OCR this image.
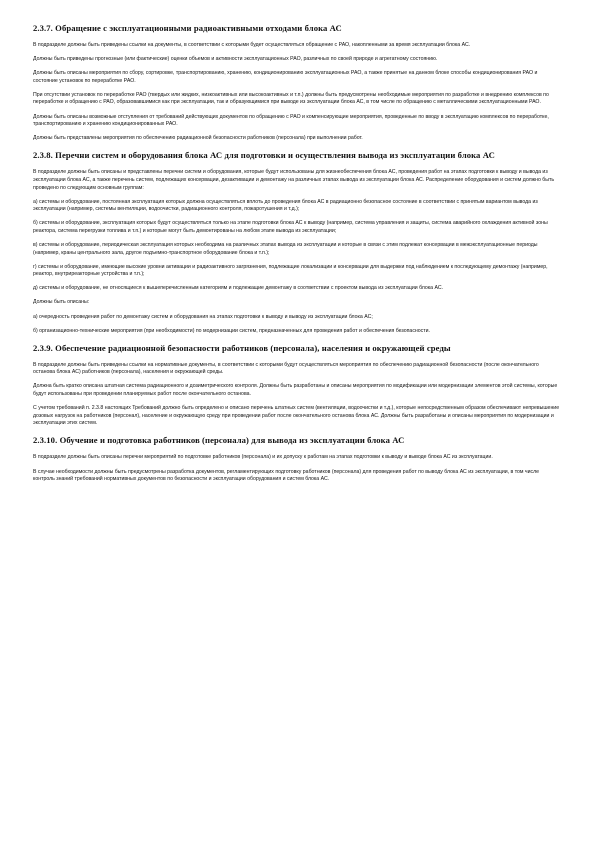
2.3.7. Обращение с эксплуатационными радиоактивными отходами блока АС

В подразделе должны быть приведены ссылки на документы, в соответствии с которыми будет осуществляться обращение с РАО, накопленными за время эксплуатации блока АС.

Должны быть приведены прогнозные (или фактические) оценки объемов и активности эксплуатационных РАО, различных по своей природе и агрегатному состоянию.

Должны быть описаны мероприятия по сбору, сортировке, транспортированию, хранению, кондиционированию эксплуатационных РАО, а также принятые на данном блоке способы кондиционирования РАО и состояние установок по переработке РАО.

При отсутствии установок по переработке РАО (твердых или жидких, низкоактивных или высокоактивных и т.п.) должны быть предусмотрены необходимые мероприятия по разработке и внедрению комплексов по переработке и обращению с РАО, образовавшимися как при эксплуатации, так и образующимися при выводе из эксплуатации блока АС, в том числе по обращению с металлическими эксплуатационными РАО.

Должны быть описаны возможные отступления от требований действующих документов по обращению с РАО и компенсирующие мероприятия, проведенные по вводу в эксплуатацию комплексов по переработке, транспортированию и хранению кондиционированных РАО.

Должны быть представлены мероприятия по обеспечению радиационной безопасности работников (персонала) при выполнении работ.

2.3.8. Перечни систем и оборудования блока АС для подготовки и осуществления вывода из эксплуатации блока АС

В подразделе должны быть описаны и представлены перечни систем и оборудования, которые будут использованы для жизнеобеспечения блока АС, проведения работ на этапах подготовки к выводу и вывода из эксплуатации блока АС, а также перечень систем, подлежащих консервации, дезактивации и демонтажу на различных этапах вывода из эксплуатации блока АС. Распределение оборудования и систем должно быть проведено по следующим основным группам:

а) системы и оборудование, постоянная эксплуатация которых должна осуществляться вплоть до проведения блока АС в радиационно безопасное состояние в соответствии с принятым вариантом вывода из эксплуатации (например, системы вентиляции, водоочистки, радиационного контроля, пожаротушения и т.д.);

б) системы и оборудование, эксплуатация которых будут осуществляться только на этапе подготовки блока АС к выводу (например, система управления и защиты, система аварийного охлаждения активной зоны реактора, система перегрузки топлива и т.п.) и которые могут быть демонтированы на любом этапе вывода из эксплуатации;

в) системы и оборудование, периодическая эксплуатация которых необходима на различных этапах вывода из эксплуатации и которые в связи с этим подлежат консервации в межэксплуатационные периоды (например, краны центрального зала, другое подъемно-транспортное оборудование блока и т.п.);

г) системы и оборудование, имеющие высокие уровни активации и радиоактивного загрязнения, подлежащие локализации и консервации для выдержки под наблюдением к последующему демонтажу (например, реактор, внутриреакторные устройства и т.п.);

д) системы и оборудование, не относящиеся к вышеперечисленным категориям и подлежащие демонтажу в соответствии с проектом вывода из эксплуатации блока АС.

Должны быть описаны:

а) очередность проведения работ по демонтажу систем и оборудования на этапах подготовки к выводу и выводу из эксплуатации блока АС;

б) организационно-технические мероприятия (при необходимости) по модернизации систем, предназначенных для проведения работ и обеспечения безопасности.

2.3.9. Обеспечение радиационной безопасности работников (персонала), населения и окружающей среды

В подразделе должны быть приведены ссылки на нормативные документы, в соответствии с которыми будут осуществляться мероприятия по обеспечению радиационной безопасности (после окончательного останова блока АС) работников (персонала), населения и окружающей среды.

Должна быть кратко описана штатная система радиационного и дозиметрического контроля. Должны быть разработаны и описаны мероприятия по модификации или модернизации элементов этой системы, которые будут использованы при проведении планируемых работ после окончательного останова.

С учетом требований п. 2.3.8 настоящих Требований должно быть определено и описано перечень штатных систем (вентиляции, водоочистки и т.д.), которые непосредственным образом обеспечивают непревышение дозовых нагрузок на работников (персонал), население и окружающую среду при проведении работ после окончательного останова блока АС. Должны быть разработаны и описаны мероприятия по модернизации и эксплуатации этих систем.

2.3.10. Обучение и подготовка работников (персонала) для вывода из эксплуатации блока АС

В подразделе должны быть описаны перечни мероприятий по подготовке работников (персонала) и их допуску к работам на этапах подготовки к выводу и выводе блока АС из эксплуатации.

В случае необходимости должны быть предусмотрены разработка документов, регламентирующих подготовку работников (персонала) для проведения работ по выводу блока АС из эксплуатации, в том числе контроль знаний требований нормативных документов по безопасности и эксплуатации оборудования и систем блока АС.
